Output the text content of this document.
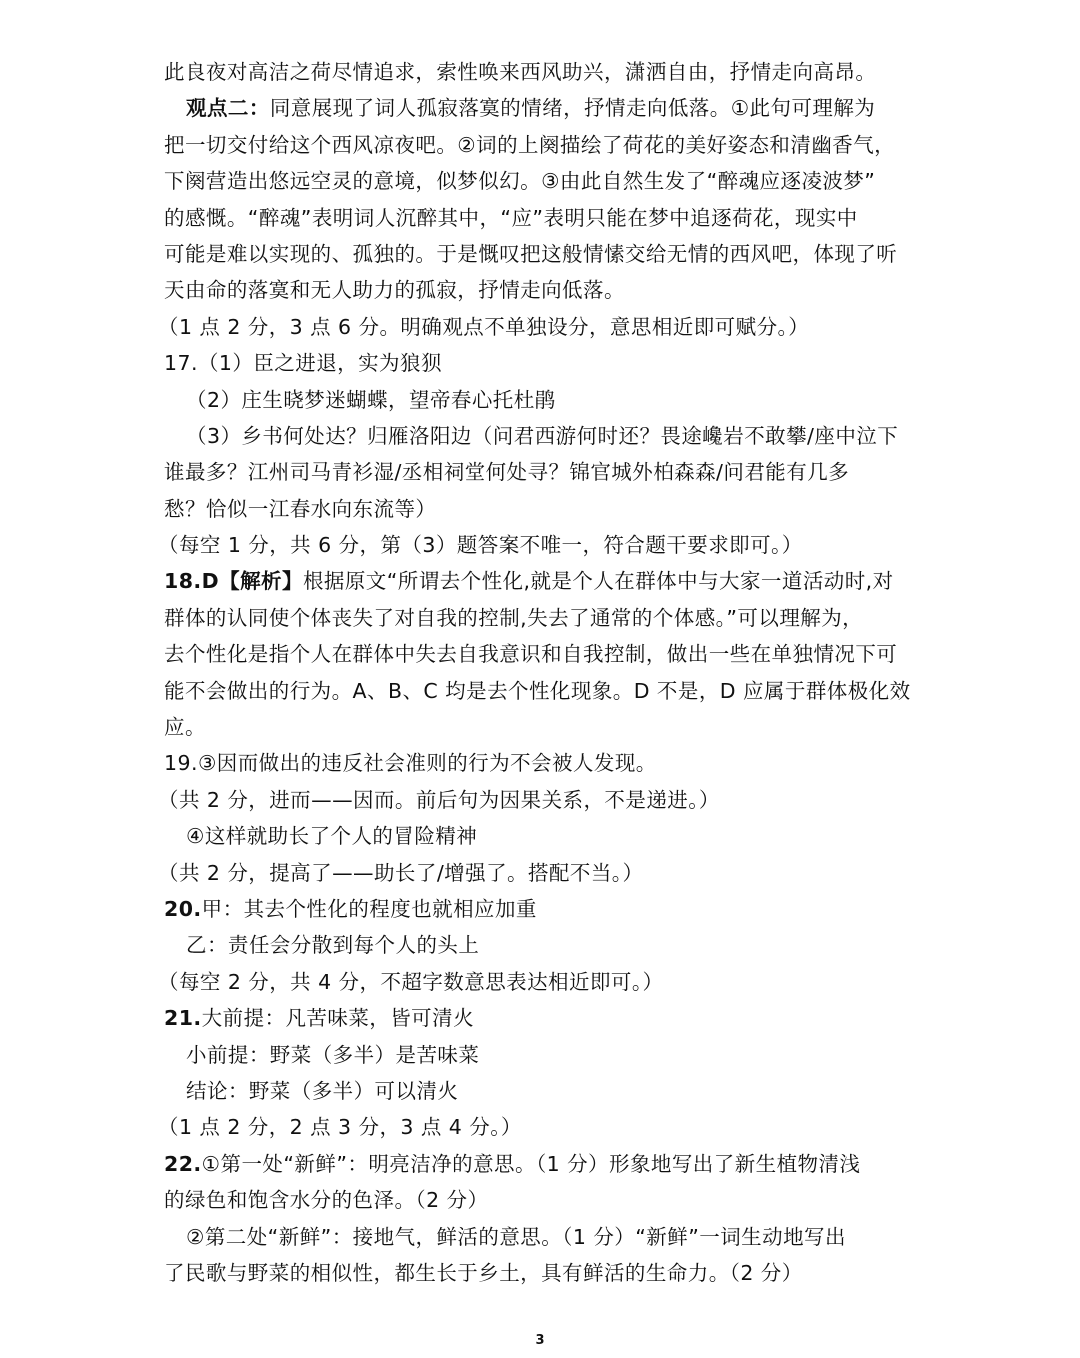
此良夜对高洁之荷尽情追求，索性唤来西风助兴，潇洒自由，抒情走向高昂。
观点二：同意展现了词人孤寂落寞的情绪，抒情走向低落。①此句可理解为
把一切交付给这个西风凉夜吧。②词的上阕描绘了荷花的美好姿态和清幽香气，
下阕营造出悠远空灵的意境，似梦似幻。③由此自然生发了“醉魂应逐凌波梦”
的感慨。“醉魂”表明词人沉醉其中，“应”表明只能在梦中追逐荷花，现实中
可能是难以实现的、孤独的。于是慨叹把这般情愫交给无情的西风吧，体现了听
天由命的落寞和无人助力的孤寂，抒情走向低落。
（1 点 2 分，3 点 6 分。明确观点不单独设分，意思相近即可赋分。）
17.（1）臣之进退，实为狼狈
（2）庄生晓梦迷蝴蝶，望帝春心托杜鹃
（3）乡书何处达？归雁洛阳边（问君西游何时还？畏途巉岩不敢攀/座中泣下
谁最多？江州司马青衫湿/丞相祠堂何处寻？锦官城外柏森森/问君能有几多
愁？恰似一江春水向东流等）
（每空 1 分，共 6 分，第（3）题答案不唯一，符合题干要求即可。）
18.D【解析】根据原文“所谓去个性化,就是个人在群体中与大家一道活动时,对
群体的认同使个体丧失了对自我的控制,失去了通常的个体感。”可以理解为，
去个性化是指个人在群体中失去自我意识和自我控制，做出一些在单独情况下可
能不会做出的行为。A、B、C 均是去个性化现象。D 不是，D 应属于群体极化效
应。
19.③因而做出的违反社会准则的行为不会被人发现。
（共 2 分，进而——因而。前后句为因果关系，不是递进。）
④这样就助长了个人的冒险精神
（共 2 分，提高了——助长了/增强了。搭配不当。）
20.甲：其去个性化的程度也就相应加重
乙：责任会分散到每个人的头上
（每空 2 分，共 4 分，不超字数意思表达相近即可。）
21.大前提：凡苦味菜，皆可清火
小前提：野菜（多半）是苦味菜
结论：野菜（多半）可以清火
（1 点 2 分，2 点 3 分，3 点 4 分。）
22.①第一处“新鲜”：明亮洁净的意思。（1 分）形象地写出了新生植物清浅
的绿色和饱含水分的色泽。（2 分）
②第二处“新鲜”：接地气，鲜活的意思。（1 分）“新鲜”一词生动地写出
了民歌与野菜的相似性，都生长于乡土，具有鲜活的生命力。（2 分）
3
